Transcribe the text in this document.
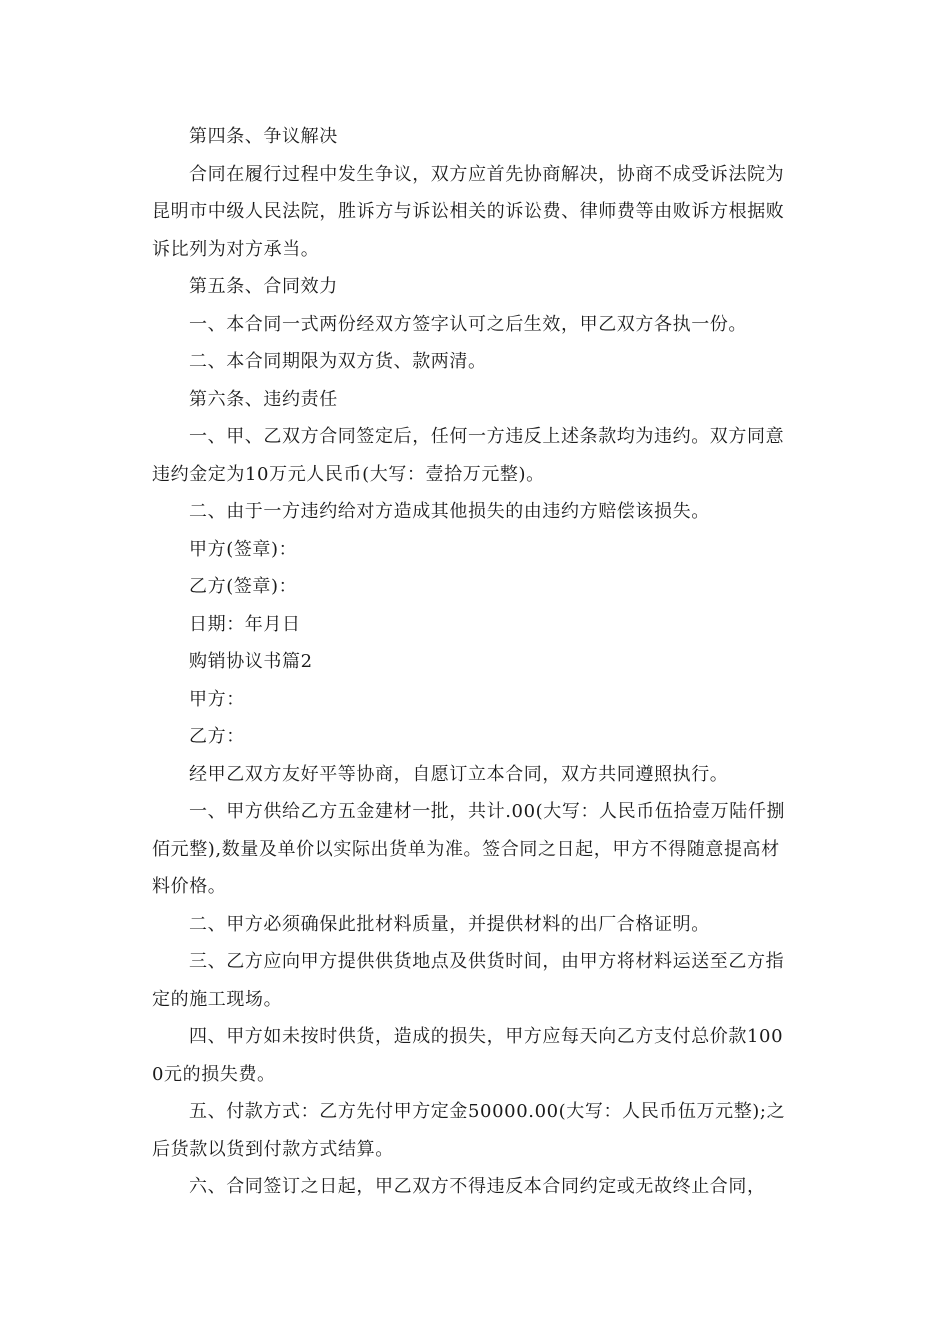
第四条、争议解决

合同在履行过程中发生争议，双方应首先协商解决，协商不成受诉法院为昆明市中级人民法院，胜诉方与诉讼相关的诉讼费、律师费等由败诉方根据败诉比列为对方承当。

第五条、合同效力

一、本合同一式两份经双方签字认可之后生效，甲乙双方各执一份。

二、本合同期限为双方货、款两清。

第六条、违约责任

一、甲、乙双方合同签定后，任何一方违反上述条款均为违约。双方同意违约金定为10万元人民币(大写：壹拾万元整)。

二、由于一方违约给对方造成其他损失的由违约方赔偿该损失。

甲方(签章)：

乙方(签章)：

日期：年月日

购销协议书篇2

甲方：

乙方：

经甲乙双方友好平等协商，自愿订立本合同，双方共同遵照执行。

一、甲方供给乙方五金建材一批，共计.00(大写：人民币伍拾壹万陆仟捌佰元整),数量及单价以实际出货单为准。签合同之日起，甲方不得随意提高材料价格。

二、甲方必须确保此批材料质量，并提供材料的出厂合格证明。

三、乙方应向甲方提供供货地点及供货时间，由甲方将材料运送至乙方指定的施工现场。

四、甲方如未按时供货，造成的损失，甲方应每天向乙方支付总价款1000元的损失费。

五、付款方式：乙方先付甲方定金50000.00(大写：人民币伍万元整);之后货款以货到付款方式结算。

六、合同签订之日起，甲乙双方不得违反本合同约定或无故终止合同，
